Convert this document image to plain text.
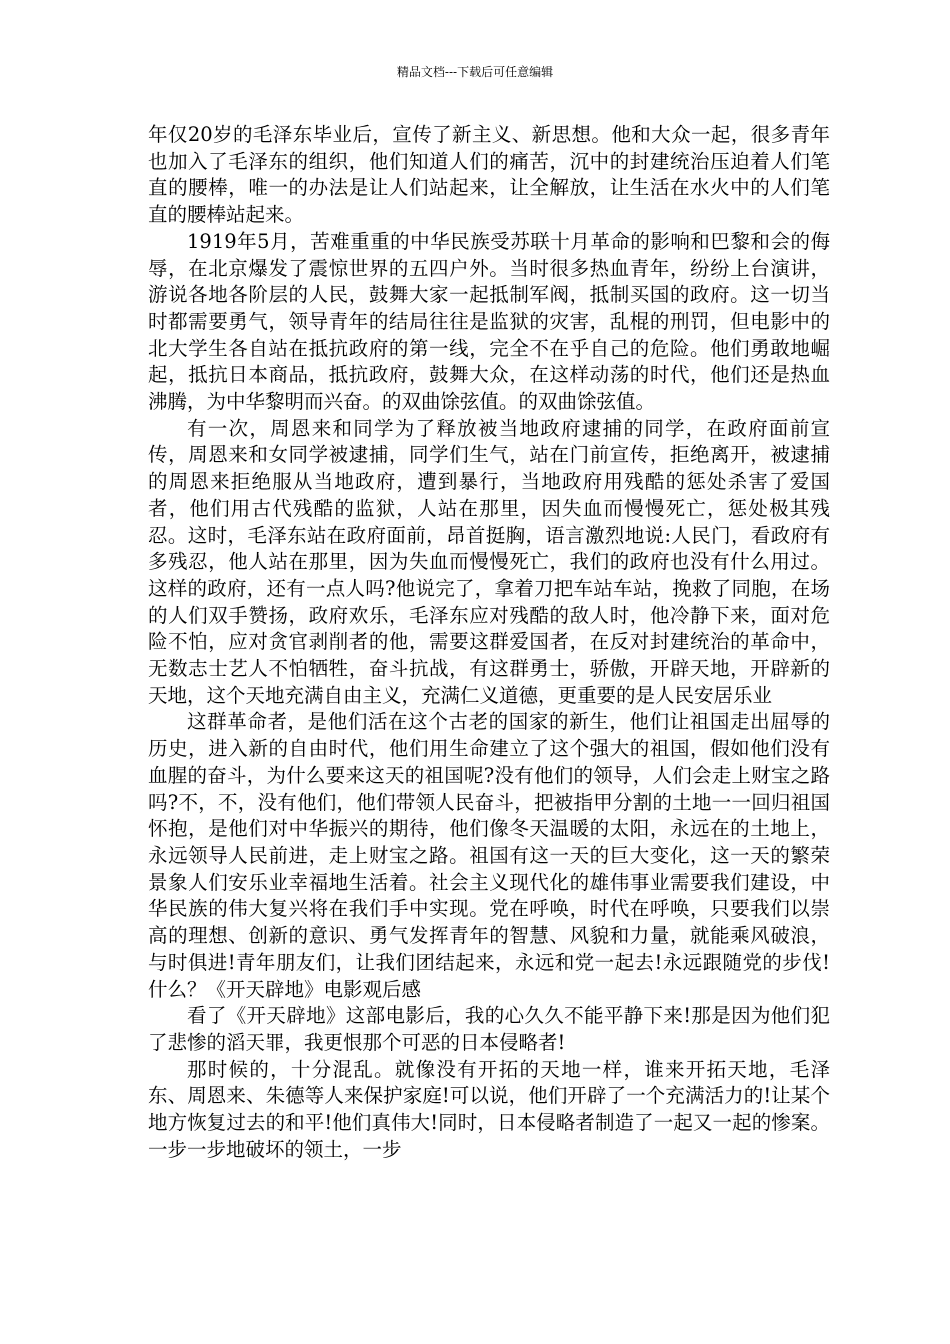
精品文档---下载后可任意编辑

年仅20岁的毛泽东毕业后，宣传了新主义、新思想。他和大众一起，很多青年也加入了毛泽东的组织，他们知道人们的痛苦，沉中的封建统治压迫着人们笔直的腰棒，唯一的办法是让人们站起来，让全解放，让生活在水火中的人们笔直的腰棒站起来。

1919年5月，苦难重重的中华民族受苏联十月革命的影响和巴黎和会的侮辱，在北京爆发了震惊世界的五四户外。当时很多热血青年，纷纷上台演讲，游说各地各阶层的人民，鼓舞大家一起抵制军阀，抵制买国的政府。这一切当时都需要勇气，领导青年的结局往往是监狱的灾害，乱棍的刑罚，但电影中的北大学生各自站在抵抗政府的第一线，完全不在乎自己的危险。他们勇敢地崛起，抵抗日本商品，抵抗政府，鼓舞大众，在这样动荡的时代，他们还是热血沸腾，为中华黎明而兴奋。的双曲馀弦值。的双曲馀弦值。

有一次，周恩来和同学为了释放被当地政府逮捕的同学，在政府面前宣传，周恩来和女同学被逮捕，同学们生气，站在门前宣传，拒绝离开，被逮捕的周恩来拒绝服从当地政府，遭到暴行，当地政府用残酷的惩处杀害了爱国者，他们用古代残酷的监狱，人站在那里，因失血而慢慢死亡，惩处极其残忍。这时，毛泽东站在政府面前，昂首挺胸，语言激烈地说:人民门，看政府有多残忍，他人站在那里，因为失血而慢慢死亡，我们的政府也没有什么用过。这样的政府，还有一点人吗?他说完了，拿着刀把车站车站，挽救了同胞，在场的人们双手赞扬，政府欢乐，毛泽东应对残酷的敌人时，他冷静下来，面对危险不怕，应对贪官剥削者的他，需要这群爱国者，在反对封建统治的革命中，无数志士艺人不怕牺牲，奋斗抗战，有这群勇士，骄傲，开辟天地，开辟新的天地，这个天地充满自由主义，充满仁义道德，更重要的是人民安居乐业

这群革命者，是他们活在这个古老的国家的新生，他们让祖国走出屈辱的历史，进入新的自由时代，他们用生命建立了这个强大的祖国，假如他们没有血腥的奋斗，为什么要来这天的祖国呢?没有他们的领导，人们会走上财宝之路吗?不，不，没有他们，他们带领人民奋斗，把被指甲分割的土地一一回归祖国怀抱，是他们对中华振兴的期待，他们像冬天温暖的太阳，永远在的土地上，永远领导人民前进，走上财宝之路。祖国有这一天的巨大变化，这一天的繁荣景象人们安乐业幸福地生活着。社会主义现代化的雄伟事业需要我们建设，中华民族的伟大复兴将在我们手中实现。党在呼唤，时代在呼唤，只要我们以崇高的理想、创新的意识、勇气发挥青年的智慧、风貌和力量，就能乘风破浪，与时俱进!青年朋友们，让我们团结起来，永远和党一起去!永远跟随党的步伐!什么？《开天辟地》电影观后感

看了《开天辟地》这部电影后，我的心久久不能平静下来!那是因为他们犯了悲惨的滔天罪，我更恨那个可恶的日本侵略者!

那时候的，十分混乱。就像没有开拓的天地一样，谁来开拓天地，毛泽东、周恩来、朱德等人来保护家庭!可以说，他们开辟了一个充满活力的!让某个地方恢复过去的和平!他们真伟大!同时，日本侵略者制造了一起又一起的惨案。一步一步地破坏的领土，一步
